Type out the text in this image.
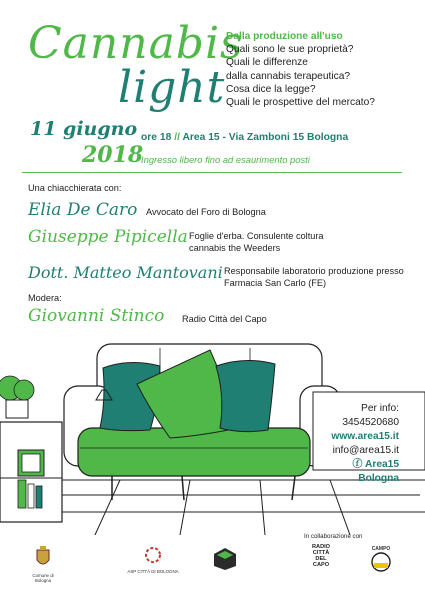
Cannabis
light
Dalla produzione all'uso
Quali sono le sue proprietà?
Quali le differenze
dalla cannabis terapeutica?
Cosa dice la legge?
Quali le prospettive del mercato?
11 giugno
2018
ore 18 // Area 15 - Via Zamboni 15 Bologna
Ingresso libero fino ad esaurimento posti
Una chiacchierata con:
Elia De Caro Avvocato del Foro di Bologna
Giuseppe Pipicella Foglie d'erba. Consulente coltura cannabis the Weeders
Dott. Matteo Mantovani Responsabile laboratorio produzione presso Farmacia San Carlo (FE)
Modera:
Giovanni Stinco Radio Città del Capo
Per info:
3454520680
www.area15.it
info@area15.it
ⓕ Area15 Bologna
In collaborazione con
Comune di Bologna
ASP CITTÀ DI BOLOGNA
RADIO CITTÀ DEL CAPO
CAMPO
